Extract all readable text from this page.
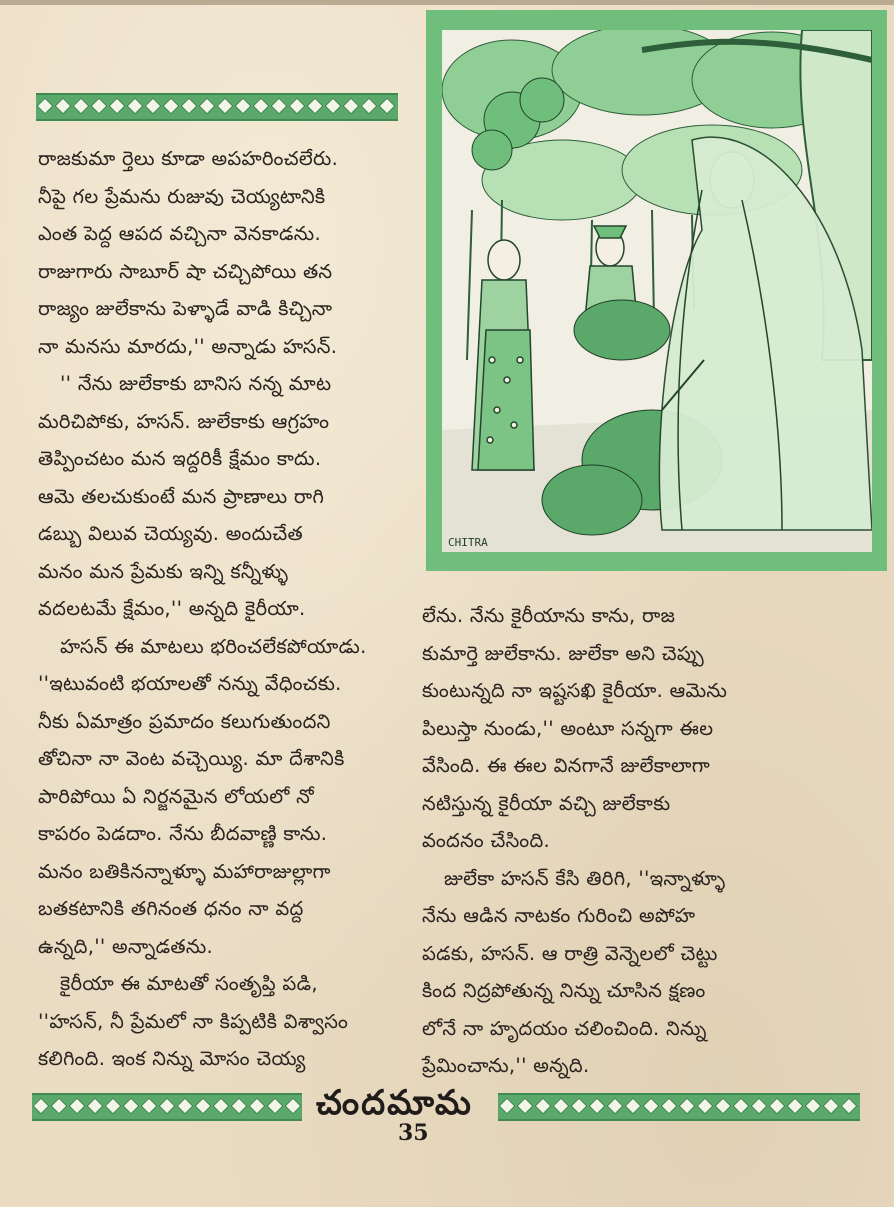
రాజకుమా ర్తెలు కూడా అపహరించలేరు.

నీపై గల ప్రేమను రుజువు చెయ్యటానికి

ఎంత పెద్ద ఆపద వచ్చినా వెనకాడను.

రాజుగారు సాబూర్ షా చచ్చిపోయి తన

రాజ్యం జులేకాను పెళ్ళాడే వాడి కిచ్చినా

నా మనసు మారదు,'' అన్నాడు హసన్.

'' నేను జులేకాకు బానిస నన్న మాట

మరిచిపోకు, హసన్. జులేకాకు ఆగ్రహం

తెప్పించటం మన ఇద్దరికీ క్షేమం కాదు.

ఆమె తలచుకుంటే మన ప్రాణాలు రాగి

డబ్బు విలువ చెయ్యవు. అందుచేత

మనం మన ప్రేమకు ఇన్ని కన్నీళ్ళు

వదలటమే క్షేమం,'' అన్నది కైరీయా.

హసన్ ఈ మాటలు భరించలేకపోయాడు.

''ఇటువంటి భయాలతో నన్ను వేధించకు.

నీకు ఏమాత్రం ప్రమాదం కలుగుతుందని

తోచినా నా వెంట వచ్చెయ్యి. మా దేశానికి

పారిపోయి ఏ నిర్జనమైన లోయలో నో

కాపరం పెడదాం. నేను బీదవాణ్ణి కాను.

మనం బతికినన్నాళ్ళూ మహారాజుల్లాగా

బతకటానికి తగినంత ధనం నా వద్ద

ఉన్నది,'' అన్నాడతను.

కైరీయా ఈ మాటతో సంతృప్తి పడి,

''హసన్, నీ ప్రేమలో నా కిప్పటికి విశ్వాసం

కలిగింది. ఇంక నిన్ను మోసం చెయ్య

CHITRA

లేను. నేను కైరీయాను కాను, రాజ

కుమార్తె జులేకాను. జులేకా అని చెప్పు

కుంటున్నది నా ఇష్టసఖి కైరీయా. ఆమెను

పిలుస్తా నుండు,'' అంటూ సన్నగా ఈల

వేసింది. ఈ ఈల వినగానే జులేకాలాగా

నటిస్తున్న కైరీయా వచ్చి జులేకాకు

వందనం చేసింది.

జులేకా హసన్ కేసి తిరిగి, ''ఇన్నాళ్ళూ

నేను ఆడిన నాటకం గురించి అపోహ

పడకు, హసన్. ఆ రాత్రి వెన్నెలలో చెట్టు

కింద నిద్రపోతున్న నిన్ను చూసిన క్షణం

లోనే నా హృదయం చలించింది. నిన్ను

ప్రేమించాను,'' అన్నది.

చందమామ
35
